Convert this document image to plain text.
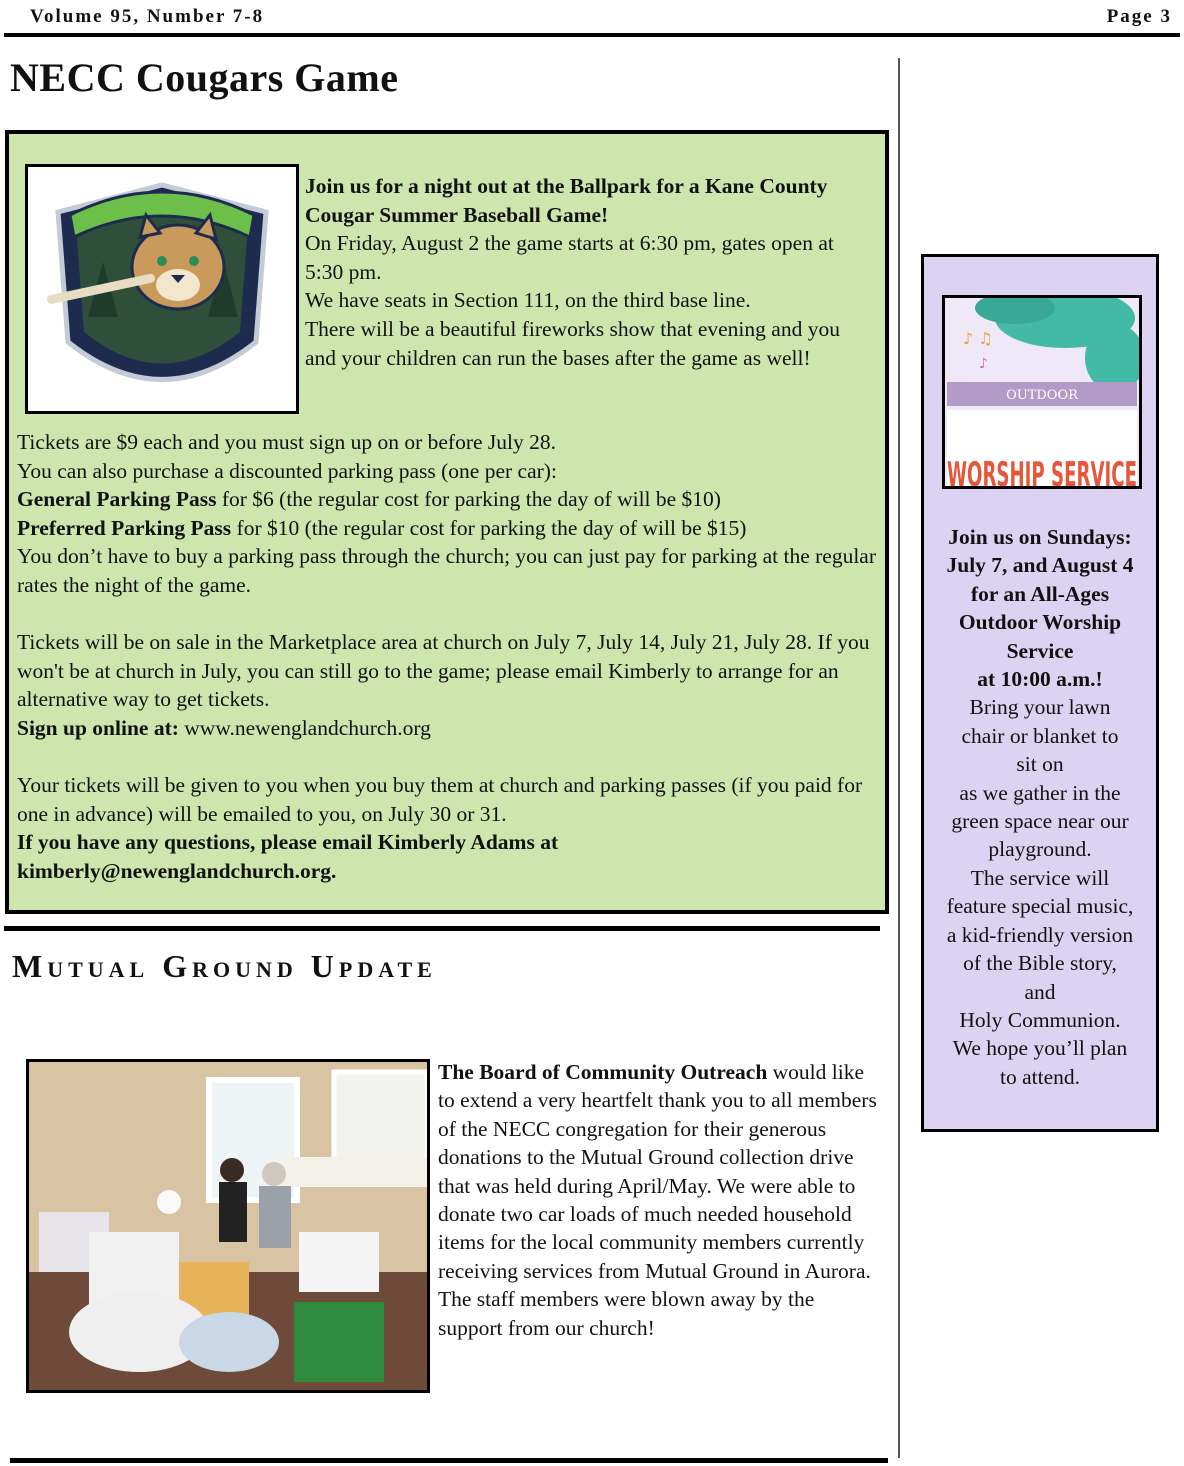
Volume 95, Number 7-8	Page 3
NECC Cougars Game
Join us for a night out at the Ballpark for a Kane County Cougar Summer Baseball Game!
On Friday, August 2 the game starts at 6:30 pm, gates open at 5:30 pm.
We have seats in Section 111, on the third base line.
There will be a beautiful fireworks show that evening and you and your children can run the bases after the game as well!

Tickets are $9 each and you must sign up on or before July 28.

You can also purchase a discounted parking pass (one per car):

General Parking Pass for $6 (the regular cost for parking the day of will be $10)

Preferred Parking Pass for $10 (the regular cost for parking the day of will be $15)

You don’t have to buy a parking pass through the church; you can just pay for parking at the regular rates the night of the game.

Tickets will be on sale in the Marketplace area at church on July 7, July 14, July 21, July 28. If you won't be at church in July, you can still go to the game; please email Kimberly to arrange for an alternative way to get tickets.

Sign up online at: www.newenglandchurch.org

Your tickets will be given to you when you buy them at church and parking passes (if you paid for one in advance) will be emailed to you, on July 30 or 31.

If you have any questions, please email Kimberly Adams at kimberly@newenglandchurch.org.

Mutual Ground Update
The Board of Community Outreach would like to extend a very heartfelt thank you to all members of the NECC congregation for their generous donations to the Mutual Ground collection drive that was held during April/May. We were able to donate two car loads of much needed household items for the local community members currently receiving services from Mutual Ground in Aurora. The staff members were blown away by the support from our church!
♪ ♫
♪
OUTDOOR
WORSHIP SERVICE
Join us on Sundays:
July 7, and August 4
for an All-Ages
Outdoor Worship
Service
at 10:00 a.m.!
Bring your lawn
chair or blanket to
sit on
as we gather in the
green space near our
playground.
The service will
feature special music,
a kid-friendly version
of the Bible story,
and
Holy Communion.
We hope you’ll plan
to attend.
